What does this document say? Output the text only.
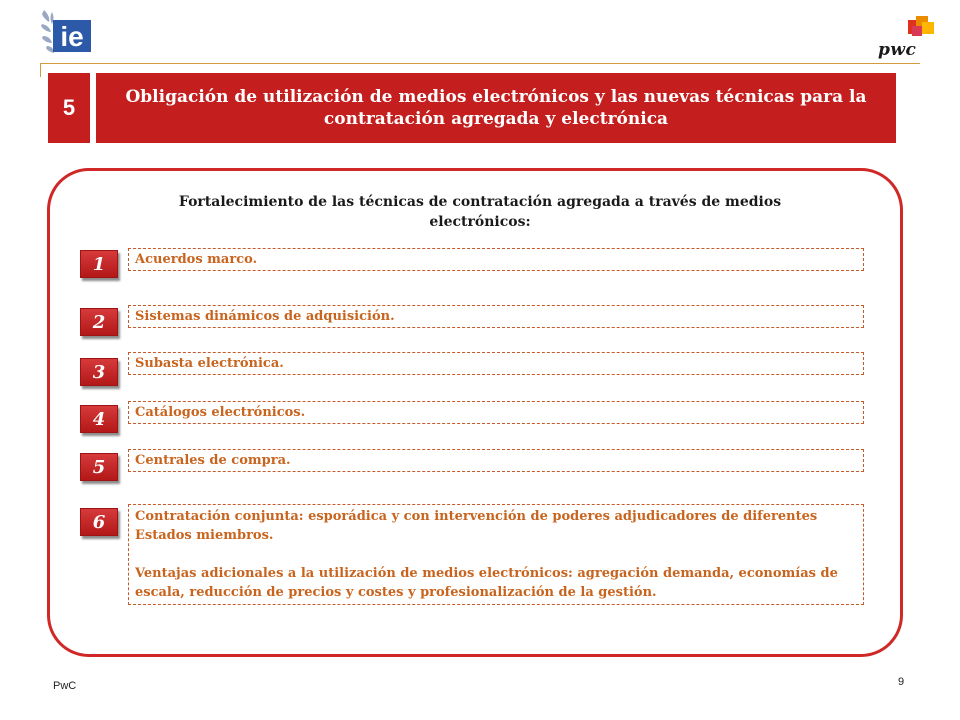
ie	pwc
5	Obligación de utilización de medios electrónicos y las nuevas técnicas para la contratación agregada y electrónica
Fortalecimiento de las técnicas de contratación agregada a través de medios electrónicos:
1	Acuerdos marco.
2	Sistemas dinámicos de adquisición.
3	Subasta electrónica.
4	Catálogos electrónicos.
5	Centrales de compra.
6	Contratación conjunta: esporádica y con intervención de poderes adjudicadores de diferentes Estados miembros.

Ventajas adicionales a la utilización de medios electrónicos: agregación demanda, economías de escala, reducción de precios y costes y profesionalización de la gestión.

PwC	9
